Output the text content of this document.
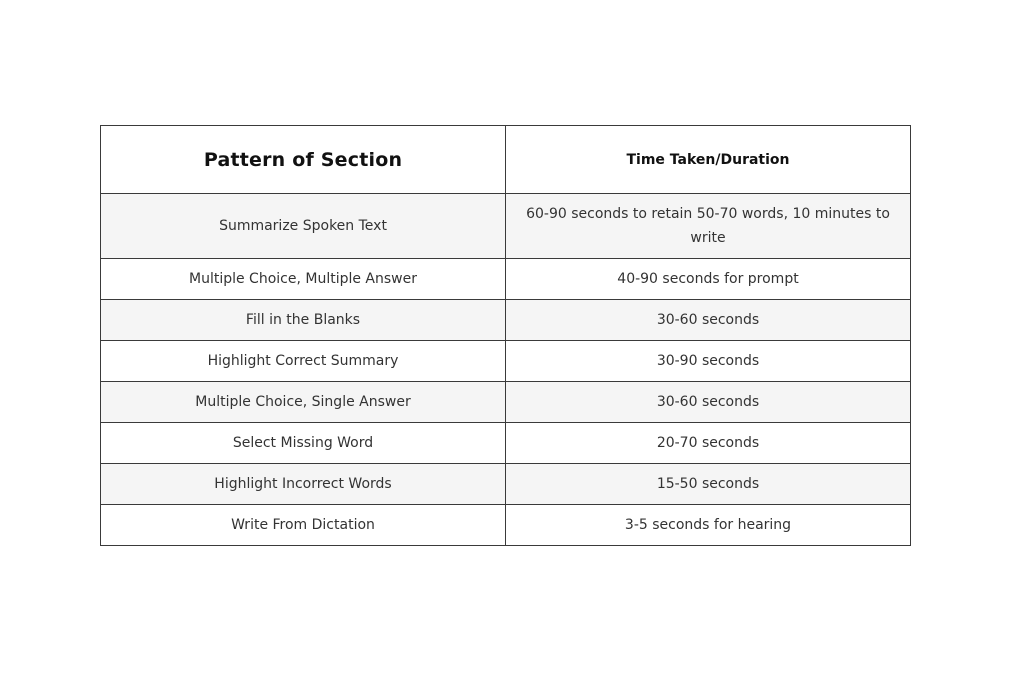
Pattern of Section	Time Taken/Duration
Summarize Spoken Text	60-90 seconds to retain 50-70 words, 10 minutes to write
Multiple Choice, Multiple Answer	40-90 seconds for prompt
Fill in the Blanks	30-60 seconds
Highlight Correct Summary	30-90 seconds
Multiple Choice, Single Answer	30-60 seconds
Select Missing Word	20-70 seconds
Highlight Incorrect Words	15-50 seconds
Write From Dictation	3-5 seconds for hearing
